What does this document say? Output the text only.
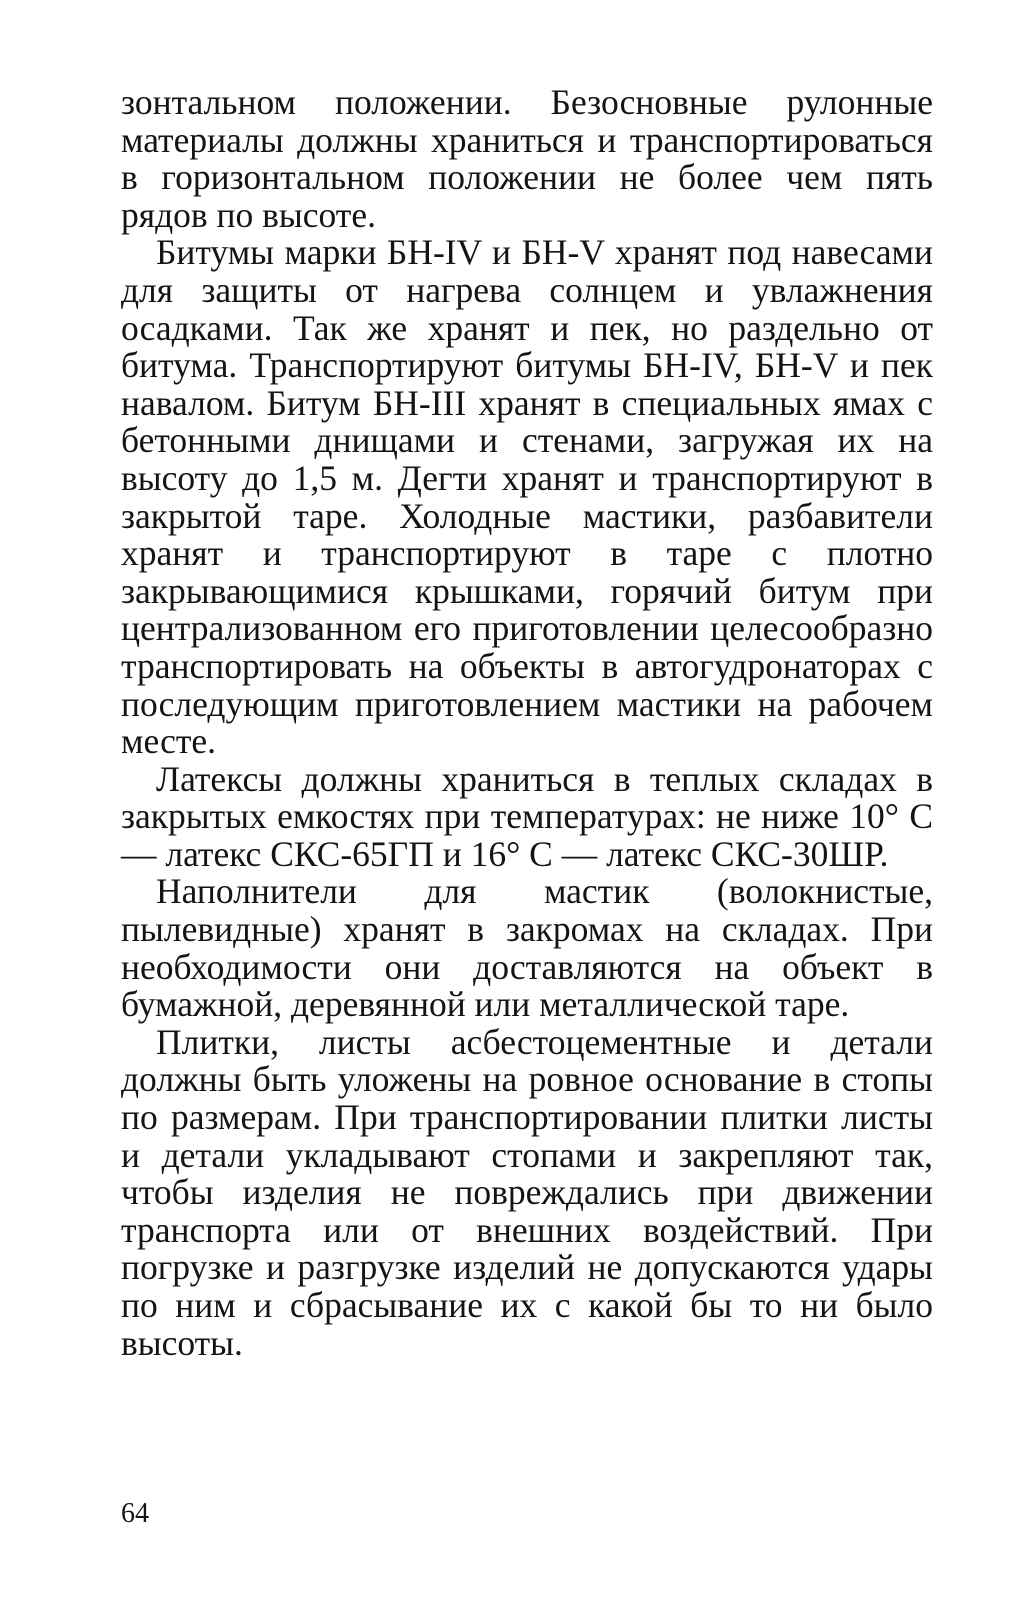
зонтальном положении. Безосновные рулонные материалы должны храниться и транспортироваться в горизонтальном положении не более чем пять рядов по высоте.

Битумы марки БН-IV и БН-V хранят под навесами для защиты от нагрева солнцем и увлажнения осадками. Так же хранят и пек, но раздельно от битума. Транспортируют битумы БН-IV, БН-V и пек навалом. Битум БН-III хранят в специальных ямах с бетонными днищами и стенами, загружая их на высоту до 1,5 м. Дегти хранят и транспортируют в закрытой таре. Холодные мастики, разбавители хранят и транспортируют в таре с плотно закрывающимися крышками, горячий битум при централизованном его приготовлении целесообразно транспортировать на объекты в автогудронаторах с последующим приготовлением мастики на рабочем месте.

Латексы должны храниться в теплых складах в закрытых емкостях при температурах: не ниже 10° С — латекс СКС-65ГП и 16° С — латекс СКС-30ШР.

Наполнители для мастик (волокнистые, пылевидные) хранят в закромах на складах. При необходимости они доставляются на объект в бумажной, деревянной или металлической таре.

Плитки, листы асбестоцементные и детали должны быть уложены на ровное основание в стопы по размерам. При транспортировании плитки листы и детали укладывают стопами и закрепляют так, чтобы изделия не повреждались при движении транспорта или от внешних воздействий. При погрузке и разгрузке изделий не допускаются удары по ним и сбрасывание их с какой бы то ни было высоты.

64
